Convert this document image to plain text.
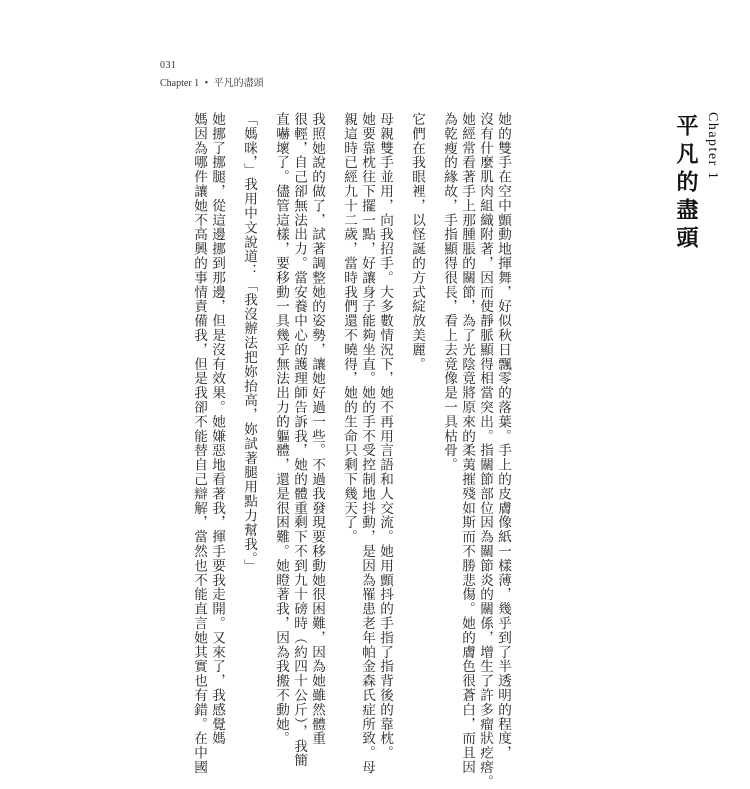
031
Chapter 1 • 平凡的盡頭
Chapter 1
平凡的盡頭
她的雙手在空中顫動地揮舞，好似秋日飄零的落葉。手上的皮膚像紙一樣薄，幾乎到了半透明的程度，
沒有什麼肌肉組織附著，因而使靜脈顯得相當突出。指關節部位因為關節炎的關係，增生了許多瘤狀疙瘩。
她經常看著手上那腫脹的關節，為了光陰竟將原來的柔荑摧殘如斯而不勝悲傷。她的膚色很蒼白，而且因
為乾瘦的緣故，手指顯得很長，看上去竟像是一具枯骨。
它們在我眼裡，以怪誕的方式綻放美麗。
母親雙手並用，向我招手。大多數情況下，她不再用言語和人交流。她用顫抖的手指了指背後的靠枕。
她要靠枕往下擺一點，好讓身子能夠坐直。她的手不受控制地抖動，是因為罹患老年帕金森氏症所致。母
親這時已經九十二歲，當時我們還不曉得，她的生命只剩下幾天了。
我照她說的做了，試著調整她的姿勢，讓她好過一些。不過我發現要移動她很困難，因為她雖然體重
很輕，自己卻無法出力。當安養中心的護理師告訴我，她的體重剩下不到九十磅時（約四十公斤），我簡
直嚇壞了。儘管這樣，要移動一具幾乎無法出力的軀體，還是很困難。她瞪著我，因為我搬不動她。
「媽咪，」我用中文說道：「我沒辦法把妳抬高，妳試著腿用點力幫我。」
她挪了挪腿，從這邊挪到那邊，但是沒有效果。她嫌惡地看著我，揮手要我走開。又來了，我感覺媽
媽因為哪件讓她不高興的事情責備我，但是我卻不能替自己辯解，當然也不能直言她其實也有錯。在中國
